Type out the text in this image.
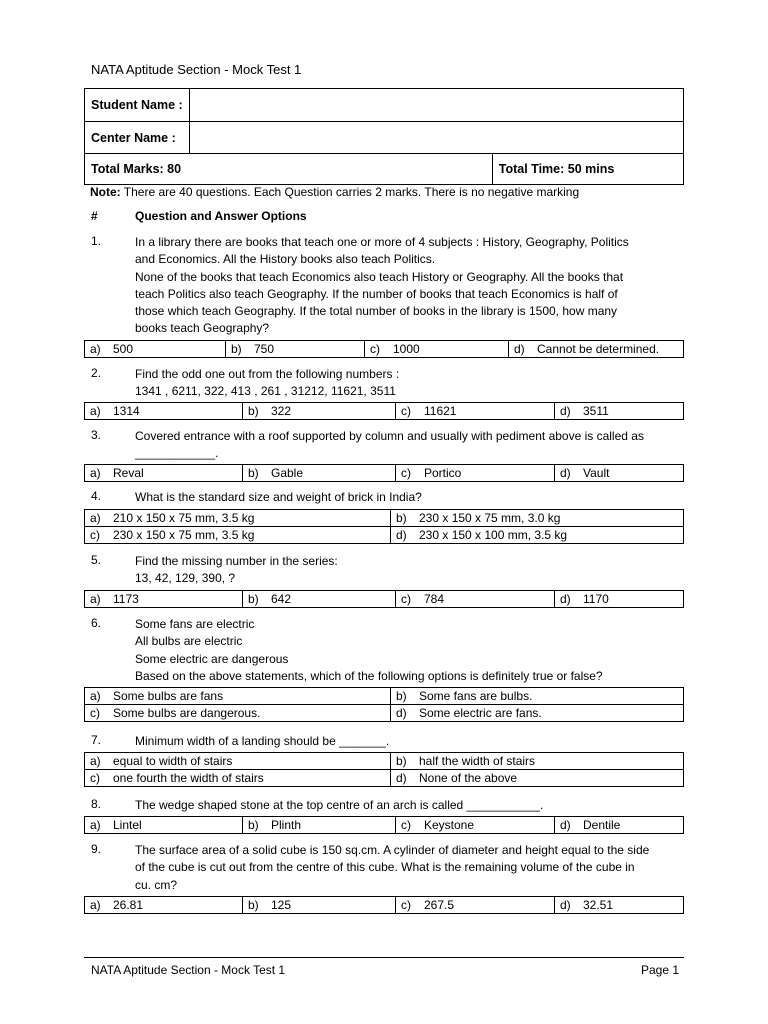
NATA Aptitude Section - Mock Test 1
Student Name :		
Center Name :		
Total Marks: 80		Total Time: 50 mins
Note: There are 40 questions. Each Question carries 2 marks. There is no negative marking
#	Question and Answer Options
1.	In a library there are books that teach one or more of 4 subjects : History, Geography, Politics
and Economics. All the History books also teach Politics.
None of the books that teach Economics also teach History or Geography. All the books that
teach Politics also teach Geography. If the number of books that teach Economics is half of
those which teach Geography. If the total number of books in the library is 1500, how many
books teach Geography?
a) 500	b) 750	c) 1000	d) Cannot be determined.
2.	Find the odd one out from the following numbers :
1341 , 6211, 322, 413 , 261 , 31212, 11621, 3511
a) 1314	b) 322	c) 11621	d) 3511
3.	Covered entrance with a roof supported by column and usually with pediment above is called as
____________.
a) Reval	b) Gable	c) Portico	d) Vault
4.	What is the standard size and weight of brick in India?
a) 210 x 150 x 75 mm, 3.5 kg	b) 230 x 150 x 75 mm, 3.0 kg
c) 230 x 150 x 75 mm, 3.5 kg	d) 230 x 150 x 100 mm, 3.5 kg
5.	Find the missing number in the series:
13, 42, 129, 390, ?
a) 1173	b) 642	c) 784	d) 1170
6.	Some fans are electric
All bulbs are electric
Some electric are dangerous
Based on the above statements, which of the following options is definitely true or false?
a) Some bulbs are fans	b) Some fans are bulbs.
c) Some bulbs are dangerous.	d) Some electric are fans.
7.	Minimum width of a landing should be _______.
a) equal to width of stairs	b) half the width of stairs
c) one fourth the width of stairs	d) None of the above
8.	The wedge shaped stone at the top centre of an arch is called ___________.
a) Lintel	b) Plinth	c) Keystone	d) Dentile
9.	The surface area of a solid cube is 150 sq.cm. A cylinder of diameter and height equal to the side
of the cube is cut out from the centre of this cube. What is the remaining volume of the cube in
cu. cm?
a) 26.81	b) 125	c) 267.5	d) 32.51
NATA Aptitude Section - Mock Test 1	Page 1
